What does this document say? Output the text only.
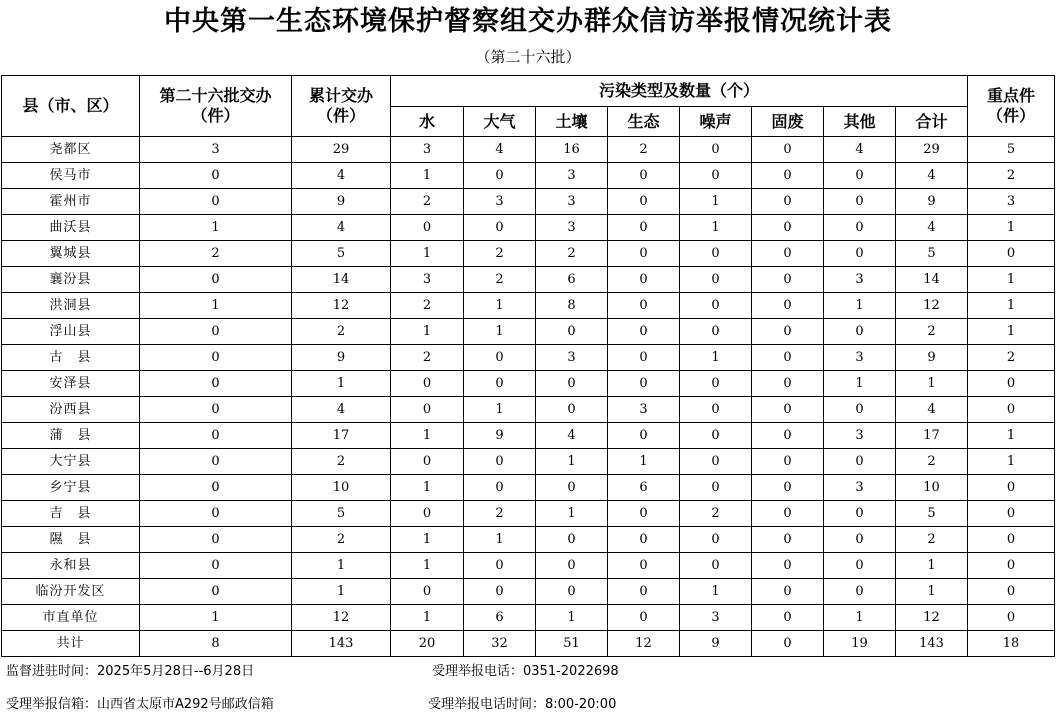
中央第一生态环境保护督察组交办群众信访举报情况统计表
（第二十六批）
县（市、区）	第二十六批交办（件）	累计交办（件）	污染类型及数量（个）								重点件（件）
			水	大气	土壤	生态	噪声	固废	其他	合计	
尧都区	3	29	3	4	16	2	0	0	4	29	5
侯马市	0	4	1	0	3	0	0	0	0	4	2
霍州市	0	9	2	3	3	0	1	0	0	9	3
曲沃县	1	4	0	0	3	0	1	0	0	4	1
翼城县	2	5	1	2	2	0	0	0	0	5	0
襄汾县	0	14	3	2	6	0	0	0	3	14	1
洪洞县	1	12	2	1	8	0	0	0	1	12	1
浮山县	0	2	1	1	0	0	0	0	0	2	1
古　县	0	9	2	0	3	0	1	0	3	9	2
安泽县	0	1	0	0	0	0	0	0	1	1	0
汾西县	0	4	0	1	0	3	0	0	0	4	0
蒲　县	0	17	1	9	4	0	0	0	3	17	1
大宁县	0	2	0	0	1	1	0	0	0	2	1
乡宁县	0	10	1	0	0	6	0	0	3	10	0
吉　县	0	5	0	2	1	0	2	0	0	5	0
隰　县	0	2	1	1	0	0	0	0	0	2	0
永和县	0	1	1	0	0	0	0	0	0	1	0
临汾开发区	0	1	0	0	0	0	1	0	0	1	0
市直单位	1	12	1	6	1	0	3	0	1	12	0
共计	8	143	20	32	51	12	9	0	19	143	18
监督进驻时间：2025年5月28日--6月28日	受理举报电话：0351-2022698
受理举报信箱：山西省太原市A292号邮政信箱	受理举报电话时间：8:00-20:00
